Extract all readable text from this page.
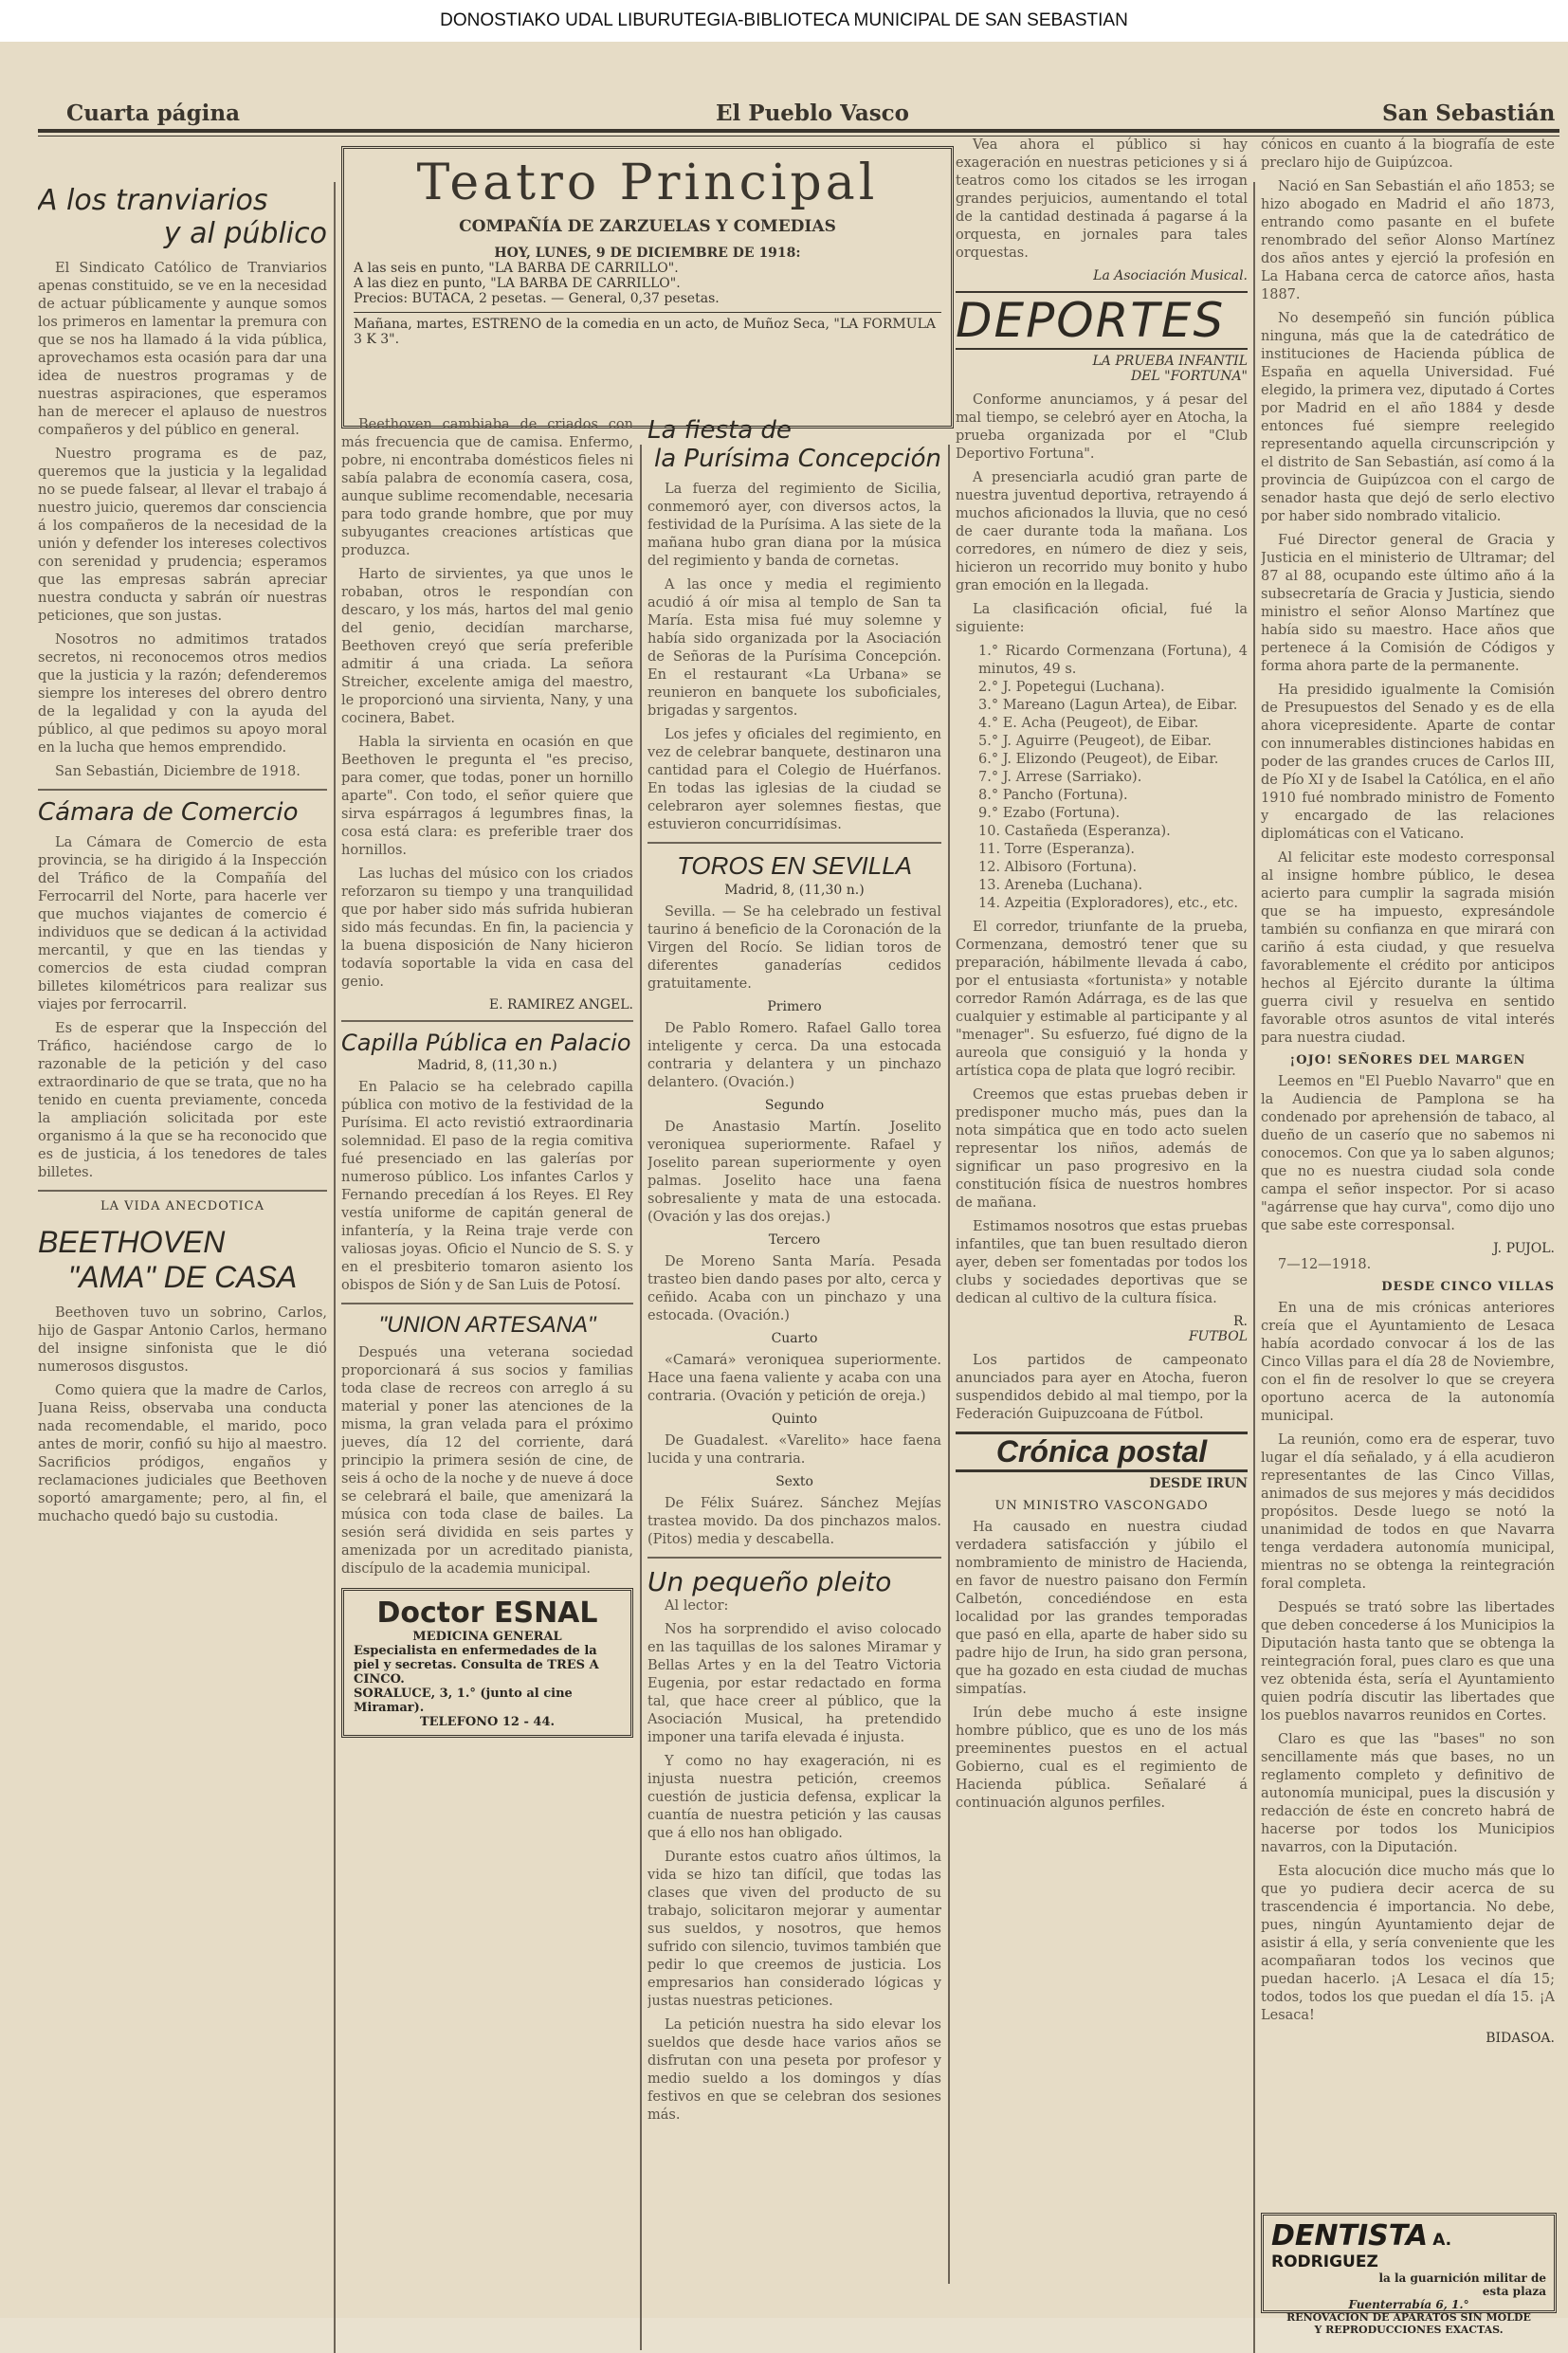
DONOSTIAKO UDAL LIBURUTEGIA-BIBLIOTECA MUNICIPAL DE SAN SEBASTIAN
Cuarta página	El Pueblo Vasco	San Sebastián
A los tranviarios
y al público

El Sindicato Católico de Tranviarios apenas constituido, se ve en la necesidad de actuar públicamente y aunque somos los primeros en lamentar la premura con que se nos ha llamado á la vida pública, aprovechamos esta ocasión para dar una idea de nuestros programas y de nuestras aspiraciones, que esperamos han de merecer el aplauso de nuestros compañeros y del público en general.

Nuestro programa es de paz, queremos que la justicia y la legalidad no se puede falsear, al llevar el trabajo á nuestro juicio, queremos dar consciencia á los compañeros de la necesidad de la unión y defender los intereses colectivos con serenidad y prudencia; esperamos que las empresas sabrán apreciar nuestra conducta y sabrán oír nuestras peticiones, que son justas.

Nosotros no admitimos tratados secretos, ni reconocemos otros medios que la justicia y la razón; defenderemos siempre los intereses del obrero dentro de la legalidad y con la ayuda del público, al que pedimos su apoyo moral en la lucha que hemos emprendido.

San Sebastián, Diciembre de 1918.

Cámara de Comercio

La Cámara de Comercio de esta provincia, se ha dirigido á la Inspección del Tráfico de la Compañía del Ferrocarril del Norte, para hacerle ver que muchos viajantes de comercio é individuos que se dedican á la actividad mercantil, y que en las tiendas y comercios de esta ciudad compran billetes kilométricos para realizar sus viajes por ferrocarril.

Es de esperar que la Inspección del Tráfico, haciéndose cargo de lo razonable de la petición y del caso extraordinario de que se trata, que no ha tenido en cuenta previamente, conceda la ampliación solicitada por este organismo á la que se ha reconocido que es de justicia, á los tenedores de tales billetes.

LA VIDA ANECDOTICA
BEETHOVEN
"AMA" DE CASA

Beethoven tuvo un sobrino, Carlos, hijo de Gaspar Antonio Carlos, hermano del insigne sinfonista que le dió numerosos disgustos.

Como quiera que la madre de Carlos, Juana Reiss, observaba una conducta nada recomendable, el marido, poco antes de morir, confió su hijo al maestro. Sacrificios pródigos, engaños y reclamaciones judiciales que Beethoven soportó amargamente; pero, al fin, el muchacho quedó bajo su custodia.

Teatro Principal
COMPAÑÍA DE ZARZUELAS Y COMEDIAS
HOY, LUNES, 9 DE DICIEMBRE DE 1918:
A las seis en punto, "LA BARBA DE CARRILLO".
A las diez en punto, "LA BARBA DE CARRILLO".
Precios: BUTACA, 2 pesetas. — General, 0,37 pesetas.
Mañana, martes, ESTRENO de la comedia en un acto, de Muñoz Seca, "LA FORMULA 3 K 3".

Beethoven cambiaba de criados con más frecuencia que de camisa. Enfermo, pobre, ni encontraba domésticos fieles ni sabía palabra de economía casera, cosa, aunque sublime recomendable, necesaria para todo grande hombre, que por muy subyugantes creaciones artísticas que produzca.

Harto de sirvientes, ya que unos le robaban, otros le respondían con descaro, y los más, hartos del mal genio del genio, decidían marcharse, Beethoven creyó que sería preferible admitir á una criada. La señora Streicher, excelente amiga del maestro, le proporcionó una sirvienta, Nany, y una cocinera, Babet.

Habla la sirvienta en ocasión en que Beethoven le pregunta el "es preciso, para comer, que todas, poner un hornillo aparte". Con todo, el señor quiere que sirva espárragos á legumbres finas, la cosa está clara: es preferible traer dos hornillos.

Las luchas del músico con los criados reforzaron su tiempo y una tranquilidad que por haber sido más sufrida hubieran sido más fecundas. En fin, la paciencia y la buena disposición de Nany hicieron todavía soportable la vida en casa del genio.

E. RAMIREZ ANGEL.

Capilla Pública en Palacio
Madrid, 8, (11,30 n.)

En Palacio se ha celebrado capilla pública con motivo de la festividad de la Purísima. El acto revistió extraordinaria solemnidad. El paso de la regia comitiva fué presenciado en las galerías por numeroso público. Los infantes Carlos y Fernando precedían á los Reyes. El Rey vestía uniforme de capitán general de infantería, y la Reina traje verde con valiosas joyas. Oficio el Nuncio de S. S. y en el presbiterio tomaron asiento los obispos de Sión y de San Luis de Potosí.

"UNION ARTESANA"

Después una veterana sociedad proporcionará á sus socios y familias toda clase de recreos con arreglo á su material y poner las atenciones de la misma, la gran velada para el próximo jueves, día 12 del corriente, dará principio la primera sesión de cine, de seis á ocho de la noche y de nueve á doce se celebrará el baile, que amenizará la música con toda clase de bailes. La sesión será dividida en seis partes y amenizada por un acreditado pianista, discípulo de la academia municipal.

Doctor ESNAL
MEDICINA GENERAL
Especialista en enfermedades de la piel y secretas. Consulta de TRES A CINCO.
SORALUCE, 3, 1.° (junto al cine Miramar).
TELEFONO 12 - 44.
La fiesta de
la Purísima Concepción

La fuerza del regimiento de Sicilia, conmemoró ayer, con diversos actos, la festividad de la Purísima. A las siete de la mañana hubo gran diana por la música del regimiento y banda de cornetas.

A las once y media el regimiento acudió á oír misa al templo de San ta María. Esta misa fué muy solemne y había sido organizada por la Asociación de Señoras de la Purísima Concepción. En el restaurant «La Urbana» se reunieron en banquete los suboficiales, brigadas y sargentos.

Los jefes y oficiales del regimiento, en vez de celebrar banquete, destinaron una cantidad para el Colegio de Huérfanos. En todas las iglesias de la ciudad se celebraron ayer solemnes fiestas, que estuvieron concurridísimas.

TOROS EN SEVILLA
Madrid, 8, (11,30 n.)

Sevilla. — Se ha celebrado un festival taurino á beneficio de la Coronación de la Virgen del Rocío. Se lidian toros de diferentes ganaderías cedidos gratuitamente.

Primero

De Pablo Romero. Rafael Gallo torea inteligente y cerca. Da una estocada contraria y delantera y un pinchazo delantero. (Ovación.)

Segundo

De Anastasio Martín. Joselito veroniquea superiormente. Rafael y Joselito parean superiormente y oyen palmas. Joselito hace una faena sobresaliente y mata de una estocada. (Ovación y las dos orejas.)

Tercero

De Moreno Santa María. Pesada trasteo bien dando pases por alto, cerca y ceñido. Acaba con un pinchazo y una estocada. (Ovación.)

Cuarto

«Camará» veroniquea superiormente. Hace una faena valiente y acaba con una contraria. (Ovación y petición de oreja.)

Quinto

De Guadalest. «Varelito» hace faena lucida y una contraria.

Sexto

De Félix Suárez. Sánchez Mejías trastea movido. Da dos pinchazos malos. (Pitos) media y descabella.

Un pequeño pleito

Al lector:

Nos ha sorprendido el aviso colocado en las taquillas de los salones Miramar y Bellas Artes y en la del Teatro Victoria Eugenia, por estar redactado en forma tal, que hace creer al público, que la Asociación Musical, ha pretendido imponer una tarifa elevada é injusta.

Y como no hay exageración, ni es injusta nuestra petición, creemos cuestión de justicia defensa, explicar la cuantía de nuestra petición y las causas que á ello nos han obligado.

Durante estos cuatro años últimos, la vida se hizo tan difícil, que todas las clases que viven del producto de su trabajo, solicitaron mejorar y aumentar sus sueldos, y nosotros, que hemos sufrido con silencio, tuvimos también que pedir lo que creemos de justicia. Los empresarios han considerado lógicas y justas nuestras peticiones.

La petición nuestra ha sido elevar los sueldos que desde hace varios años se disfrutan con una peseta por profesor y medio sueldo a los domingos y días festivos en que se celebran dos sesiones más.

Vea ahora el público si hay exageración en nuestras peticiones y si á teatros como los citados se les irrogan grandes perjuicios, aumentando el total de la cantidad destinada á pagarse á la orquesta, en jornales para tales orquestas.

La Asociación Musical.

DEPORTES
LA PRUEBA INFANTIL
DEL "FORTUNA"

Conforme anunciamos, y á pesar del mal tiempo, se celebró ayer en Atocha, la prueba organizada por el "Club Deportivo Fortuna".

A presenciarla acudió gran parte de nuestra juventud deportiva, retrayendo á muchos aficionados la lluvia, que no cesó de caer durante toda la mañana. Los corredores, en número de diez y seis, hicieron un recorrido muy bonito y hubo gran emoción en la llegada.

La clasificación oficial, fué la siguiente:

1.° Ricardo Cormenzana (Fortuna), 4 minutos, 49 s.
2.° J. Popetegui (Luchana).
3.° Mareano (Lagun Artea), de Eibar.
4.° E. Acha (Peugeot), de Eibar.
5.° J. Aguirre (Peugeot), de Eibar.
6.° J. Elizondo (Peugeot), de Eibar.
7.° J. Arrese (Sarriako).
8.° Pancho (Fortuna).
9.° Ezabo (Fortuna).
10. Castañeda (Esperanza).
11. Torre (Esperanza).
12. Albisoro (Fortuna).
13. Areneba (Luchana).
14. Azpeitia (Exploradores), etc., etc.

El corredor, triunfante de la prueba, Cormenzana, demostró tener que su preparación, hábilmente llevada á cabo, por el entusiasta «fortunista» y notable corredor Ramón Adárraga, es de las que cualquier y estimable al participante y al "menager". Su esfuerzo, fué digno de la aureola que consiguió y la honda y artística copa de plata que logró recibir.

Creemos que estas pruebas deben ir predisponer mucho más, pues dan la nota simpática que en todo acto suelen representar los niños, además de significar un paso progresivo en la constitución física de nuestros hombres de mañana.

Estimamos nosotros que estas pruebas infantiles, que tan buen resultado dieron ayer, deben ser fomentadas por todos los clubs y sociedades deportivas que se dedican al cultivo de la cultura física.

R.

FUTBOL

Los partidos de campeonato anunciados para ayer en Atocha, fueron suspendidos debido al mal tiempo, por la Federación Guipuzcoana de Fútbol.

Crónica postal
DESDE IRUN
UN MINISTRO VASCONGADO

Ha causado en nuestra ciudad verdadera satisfacción y júbilo el nombramiento de ministro de Hacienda, en favor de nuestro paisano don Fermín Calbetón, concediéndose en esta localidad por las grandes temporadas que pasó en ella, aparte de haber sido su padre hijo de Irun, ha sido gran persona, que ha gozado en esta ciudad de muchas simpatías.

Irún debe mucho á este insigne hombre público, que es uno de los más preeminentes puestos en el actual Gobierno, cual es el regimiento de Hacienda pública. Señalaré á continuación algunos perfiles.

cónicos en cuanto á la biografía de este preclaro hijo de Guipúzcoa.

Nació en San Sebastián el año 1853; se hizo abogado en Madrid el año 1873, entrando como pasante en el bufete renombrado del señor Alonso Martínez dos años antes y ejerció la profesión en La Habana cerca de catorce años, hasta 1887.

No desempeñó sin función pública ninguna, más que la de catedrático de instituciones de Hacienda pública de España en aquella Universidad. Fué elegido, la primera vez, diputado á Cortes por Madrid en el año 1884 y desde entonces fué siempre reelegido representando aquella circunscripción y el distrito de San Sebastián, así como á la provincia de Guipúzcoa con el cargo de senador hasta que dejó de serlo electivo por haber sido nombrado vitalicio.

Fué Director general de Gracia y Justicia en el ministerio de Ultramar; del 87 al 88, ocupando este último año á la subsecretaría de Gracia y Justicia, siendo ministro el señor Alonso Martínez que había sido su maestro. Hace años que pertenece á la Comisión de Códigos y forma ahora parte de la permanente.

Ha presidido igualmente la Comisión de Presupuestos del Senado y es de ella ahora vicepresidente. Aparte de contar con innumerables distinciones habidas en poder de las grandes cruces de Carlos III, de Pío XI y de Isabel la Católica, en el año 1910 fué nombrado ministro de Fomento y encargado de las relaciones diplomáticas con el Vaticano.

Al felicitar este modesto corresponsal al insigne hombre público, le desea acierto para cumplir la sagrada misión que se ha impuesto, expresándole también su confianza en que mirará con cariño á esta ciudad, y que resuelva favorablemente el crédito por anticipos hechos al Ejército durante la última guerra civil y resuelva en sentido favorable otros asuntos de vital interés para nuestra ciudad.

¡OJO! SEÑORES DEL MARGEN

Leemos en "El Pueblo Navarro" que en la Audiencia de Pamplona se ha condenado por aprehensión de tabaco, al dueño de un caserío que no sabemos ni conocemos. Con que ya lo saben algunos; que no es nuestra ciudad sola conde campa el señor inspector. Por si acaso "agárrense que hay curva", como dijo uno que sabe este corresponsal.

J. PUJOL.

7—12—1918.

DESDE CINCO VILLAS

En una de mis crónicas anteriores creía que el Ayuntamiento de Lesaca había acordado convocar á los de las Cinco Villas para el día 28 de Noviembre, con el fin de resolver lo que se creyera oportuno acerca de la autonomía municipal.

La reunión, como era de esperar, tuvo lugar el día señalado, y á ella acudieron representantes de las Cinco Villas, animados de sus mejores y más decididos propósitos. Desde luego se notó la unanimidad de todos en que Navarra tenga verdadera autonomía municipal, mientras no se obtenga la reintegración foral completa.

Después se trató sobre las libertades que deben concederse á los Municipios la Diputación hasta tanto que se obtenga la reintegración foral, pues claro es que una vez obtenida ésta, sería el Ayuntamiento quien podría discutir las libertades que los pueblos navarros reunidos en Cortes.

Claro es que las "bases" no son sencillamente más que bases, no un reglamento completo y definitivo de autonomía municipal, pues la discusión y redacción de éste en concreto habrá de hacerse por todos los Municipios navarros, con la Diputación.

Esta alocución dice mucho más que lo que yo pudiera decir acerca de su trascendencia é importancia. No debe, pues, ningún Ayuntamiento dejar de asistir á ella, y sería conveniente que les acompañaran todos los vecinos que puedan hacerlo. ¡A Lesaca el día 15; todos, todos los que puedan el día 15. ¡A Lesaca!

BIDASOA.

DENTISTA A. RODRIGUEZ
la la guarnición militar de
esta plaza
Fuenterrabía 6, 1.°
RENOVACION DE APARATOS SIN MOLDE
Y REPRODUCCIONES EXACTAS.
